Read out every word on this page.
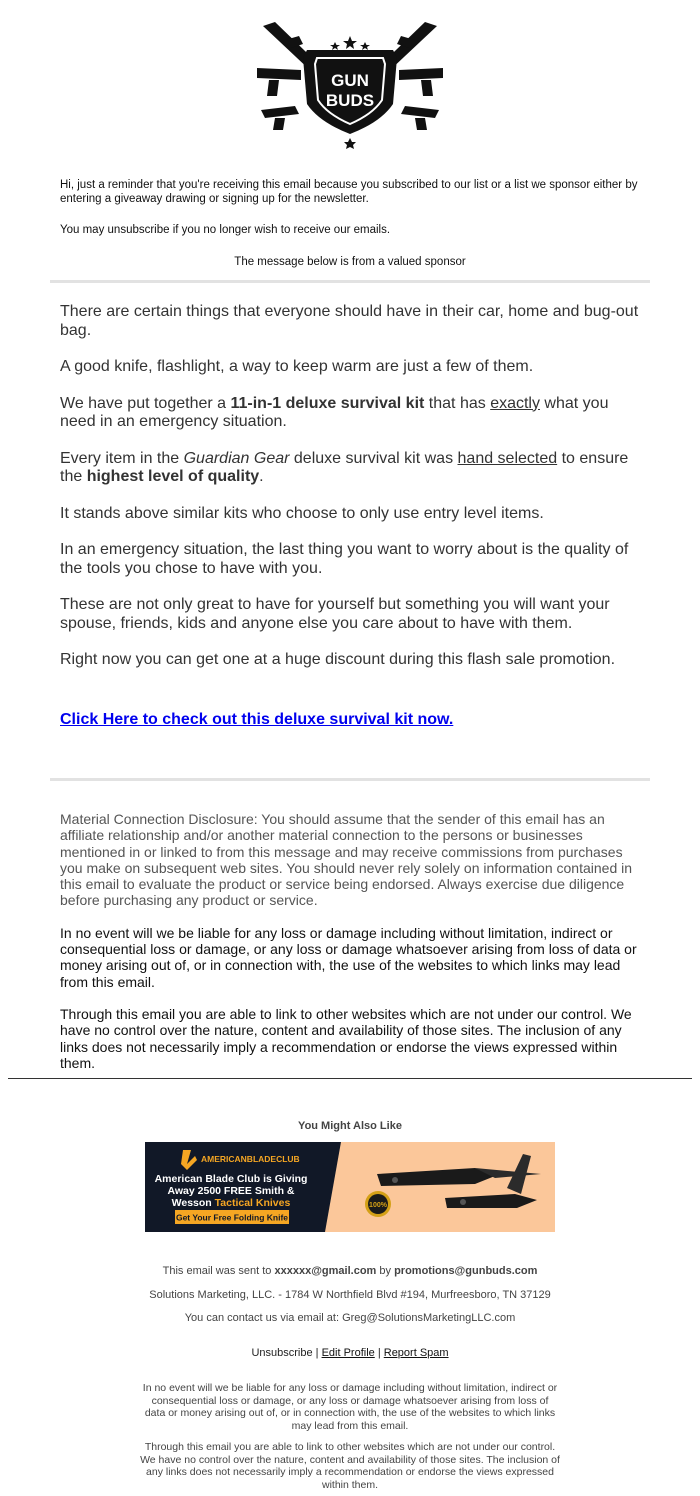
GUN
BUDS
Hi, just a reminder that you're receiving this email because you subscribed to our list or a list we sponsor either by entering a giveaway drawing or signing up for the newsletter.
You may unsubscribe if you no longer wish to receive our emails.
The message below is from a valued sponsor

There are certain things that everyone should have in their car, home and bug-out bag.

A good knife, flashlight, a way to keep warm are just a few of them.

We have put together a 11-in-1 deluxe survival kit that has exactly what you need in an emergency situation.

Every item in the Guardian Gear deluxe survival kit was hand selected to ensure the highest level of quality.

It stands above similar kits who choose to only use entry level items.

In an emergency situation, the last thing you want to worry about is the quality of the tools you chose to have with you.

These are not only great to have for yourself but something you will want your spouse, friends, kids and anyone else you care about to have with them.

Right now you can get one at a huge discount during this flash sale promotion.

Click Here to check out this deluxe survival kit now.

Material Connection Disclosure: You should assume that the sender of this email has an affiliate relationship and/or another material connection to the persons or businesses mentioned in or linked to from this message and may receive commissions from purchases you make on subsequent web sites. You should never rely solely on information contained in this email to evaluate the product or service being endorsed. Always exercise due diligence before purchasing any product or service.

In no event will we be liable for any loss or damage including without limitation, indirect or consequential loss or damage, or any loss or damage whatsoever arising from loss of data or money arising out of, or in connection with, the use of the websites to which links may lead from this email.

Through this email you are able to link to other websites which are not under our control. We have no control over the nature, content and availability of those sites. The inclusion of any links does not necessarily imply a recommendation or endorse the views expressed within them.

You Might Also Like
AMERICANBLADECLUB
American Blade Club is Giving
Away 2500 FREE Smith &
Wesson Tactical Knives
Get Your Free Folding Knife
100%
This email was sent to xxxxxx@gmail.com by promotions@gunbuds.com
Solutions Marketing, LLC. - 1784 W Northfield Blvd #194, Murfreesboro, TN 37129
You can contact us via email at: Greg@SolutionsMarketingLLC.com
Unsubscribe | Edit Profile | Report Spam
In no event will we be liable for any loss or damage including without limitation, indirect or consequential loss or damage, or any loss or damage whatsoever arising from loss of data or money arising out of, or in connection with, the use of the websites to which links may lead from this email.
Through this email you are able to link to other websites which are not under our control. We have no control over the nature, content and availability of those sites. The inclusion of any links does not necessarily imply a recommendation or endorse the views expressed within them.
